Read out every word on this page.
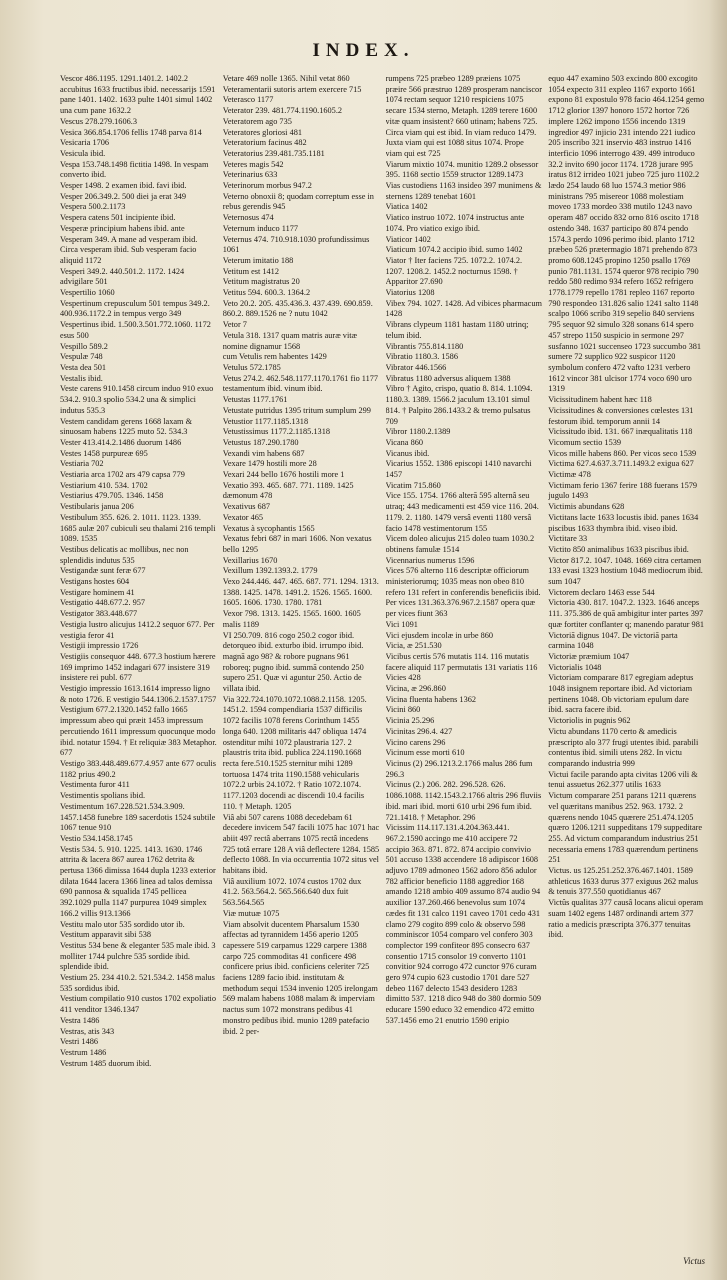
INDEX.
Vescor 486.1195. 1291.1401.2. 1402.2 accubitus 1633 fructibus ibid. necessarijs 1591 pane 1401. 1402. 1633 pulte 1401 simul 1402 una cum pane 1632.2
Vescus 278.279.1606.3
Vesica 366.854.1706 fellis 1748 parva 814
Vesicaria 1706
Vesicula ibid.
Vespa 153.748.1498 fictitia 1498. In vespam converto ibid.
Vesper 1498. 2 examen ibid. favi ibid.
Vesper 206.349.2. 500 diei ja erat 349
Vespera 500.2.1173
Vespera catens 501 incipiente ibid.
Vesperæ principium habens ibid. ante Vesperam 349. A mane ad vesperam ibid. Circa vesperam ibid. Sub vesperam facio aliquid 1172
Vesperi 349.2. 440.501.2. 1172. 1424 advigilare 501
Vespertilio 1060
Vespertinum crepusculum 501 tempus 349.2. 400.936.1172.2 in tempus vergo 349
Vespertinus ibid. 1.500.3.501.772.1060. 1172 esus 500
Vespillo 589.2
Vespulæ 748
Vesta dea 501
Vestalis ibid.
Veste carens 910.1458 circum induo 910 exuo 534.2. 910.3 spolio 534.2 una & simplici indutus 535.3
Vestem candidam gerens 1668 laxam & sinuosam habens 1225 muto 52. 534.3
Vester 413.414.2.1486 duorum 1486
Vestes 1458 purpureæ 695
Vestiaria 702
Vestiaria arca 1702 ars 479 capsa 779
Vestiarium 410. 534. 1702
Vestiarius 479.705. 1346. 1458
Vestibularis janua 206
Vestibulum 355. 626. 2. 1011. 1123. 1339. 1685 aulæ 207 cubiculi seu thalami 216 templi 1089. 1535
Vestibus delicatis ac mollibus, nec non splendidis indutus 535
Vestigandæ sunt feræ 677
Vestigans hostes 604
Vestigare hominem 41
Vestigatio 448.677.2. 957
Vestigator 383.448.677
Vestigia lustro alicujus 1412.2 sequor 677. Per vestigia feror 41
Vestigii impressio 1726
Vestigiis consequor 448. 677.3 hostium hærere 169 imprimo 1452 indagari 677 insistere 319 insistere rei publ. 677
Vestigio impressio 1613.1614 impresso ligno & noto 1726. E vestigio 544.1306.2.1537.1757
Vestigium 677.2.1320.1452 fallo 1665 impressum abeo qui præit 1453 impressum percutiendo 1611 impressum quocunque modo ibid. notatur 1594. † Et reliquiæ 383 Metaphor. 677
Vestigo 383.448.489.677.4.957 ante 677 oculis 1182 prius 490.2
Vestimenta furor 411
Vestimentis spolians ibid.
Vestimentum 167.228.521.534.3.909. 1457.1458 funebre 189 sacerdotis 1524 subtile 1067 tenue 910
Vestio 534.1458.1745
Vestis 534. 5. 910. 1225. 1413. 1630. 1746 attrita & lacera 867 aurea 1762 detrita & pertusa 1366 dimissa 1644 dupla 1233 exterior dilata 1644 lacera 1366 linea ad talos demissa 690 pannosa & squalida 1745 pellicea 392.1029 pulla 1147 purpurea 1049 simplex 166.2 villis 913.1366
Vestitu malo utor 535 sordido utor ib.
Vestitum apparavit sibi 538
Vestitus 534 bene & eleganter 535 male ibid. 3 molliter 1744 pulchre 535 sordide ibid. splendide ibid.
Vestium 25. 234 410.2. 521.534.2. 1458 malus 535 sordidus ibid.
Vestium compilatio 910 custos 1702 expoliatio 411 venditor 1346.1347
Vestra 1486
Vestras, atis 343
Vestri 1486
Vestrum 1486
Vestrum 1485 duorum ibid.
Vetare 469 nolle 1365. Nihil vetat 860
Veteramentarii sutoris artem exercere 715
Veterasco 1177
Veterator 239. 481.774.1190.1605.2
Veteratorem ago 735
Veteratores gloriosi 481
Veteratorium facinus 482
Veteratorius 239.481.735.1181
Veteres magis 542
Veterinarius 633
Veterinorum morbus 947.2
Veterno obnoxii 8; quodam correptum esse in rebus gerendis 945
Veternosus 474
Veternum induco 1177
Veternus 474. 710.918.1030 profundissimus 1061
Veterum imitatio 188
Vetitum est 1412
Vetitum magistratus 20
Vetitus 594. 600.3. 1364.2
Veto 20.2. 205. 435.436.3. 437.439. 690.859. 860.2. 889.1526 ne ? nutu 1042
Vetor 7
Vetula 318. 1317 quam matris auræ vitæ nomine dignamur 1568
cum Vetulis rem habentes 1429
Vetulus 572.1785
Vetus 274.2. 462.548.1177.1170.1761 fio 1177 testamentum ibid. vinum ibid.
Vetustas 1177.1761
Vetustate putridus 1395 tritum sumplum 299
Vetustior 1177.1185.1318
Vetustissimus 1177.2.1185.1318
Vetustus 187.290.1780
Vexandi vim habens 687
Vexare 1479 hostili more 28
Vexari 244 bello 1676 hostili more 1
Vexatio 393. 465. 687. 771. 1189. 1425 dæmonum 478
Vexativus 687
Vexator 465
Vexatus à sycophantis 1565
Vexatus febri 687 in mari 1606. Non vexatus bello 1295
Vexillarius 1670
Vexillum 1392.1393.2. 1779
Vexo 244.446. 447. 465. 687. 771. 1294. 1313. 1388. 1425. 1478. 1491.2. 1526. 1565. 1600. 1605. 1606. 1730. 1780. 1781
Vexor 798. 1313. 1425. 1565. 1600. 1605 malis 1189
VI 250.709. 816 cogo 250.2 cogor ibid. detorqueo ibid. exturbo ibid. irrumpo ibid. magnā ago 98? & robore pugnans 961 roboreq; pugno ibid. summā contendo 250 supero 251. Quæ vi aguntur 250. Actio de villata ibid.
Via 322.724.1070.1072.1088.2.1158. 1205. 1451.2. 1594 compendiaria 1537 difficilis 1072 facilis 1078 ferens Corinthum 1455 longa 640. 1208 militaris 447 obliqua 1474 ostenditur mihi 1072 plaustraria 127. 2 plaustris trita ibid. publica 224.1190.1668 recta fere.510.1525 sternitur mihi 1289 tortuosa 1474 trita 1190.1588 vehicularis 1072.2 urbis 24.1072. † Ratio 1072.1074. 1177.1203 docendi ac discendi 10.4 facilis 110. † Metaph. 1205
Viâ abi 507 carens 1088 decedebam 61 decedere invicem 547 facili 1075 hac 1071 hac abiit 497 rectâ aberrans 1075 rectâ incedens 725 totâ errare 128 A viâ deflectere 1284. 1585 deflecto 1088. In via occurrentia 1072 situs vel habitans ibid.
Viâ auxilium 1072. 1074 custos 1702 dux 41.2. 563.564.2. 565.566.640 dux fuit 563.564.565
Viæ mutuæ 1075
Viam absolvit ducentem Pharsalum 1530 affectas ad tyrannidem 1456 aperio 1205 capessere 519 carpamus 1229 carpere 1388 carpo 725 commoditas 41 conficere 498 conficere prius ibid. conficiens celeriter 725 faciens 1289 facio ibid. institutam & methodum sequi 1534 invenio 1205 irelongam 569 malam habens 1088 malam & imperviam nactus sum 1072 monstrans pedibus 41 monstro pedibus ibid. munio 1289 patefacio ibid. 2 per-
rumpens 725 præbeo 1289 præiens 1075 præire 566 præstruo 1289 prosperam nanciscor 1074 rectam sequor 1210 respiciens 1075 secare 1534 sterno, Metaph. 1289 terere 1600 vitæ quam insistent? 660 utinam; habens 725. Circa viam qui est ibid. In viam reduco 1479. Juxta viam qui est 1088 situs 1074. Prope viam qui est 725
Viarum mixtio 1074. munitio 1289.2 obsessor 395. 1168 sectio 1559 structor 1289.1473
Vias custodiens 1163 insideo 397 munimens & sternens 1289 tenebat 1601
Viatica 1402
Viatico instruo 1072. 1074 instructus ante 1074. Pro viatico exigo ibid.
Viaticor 1402
Viaticum 1074.2 accipio ibid. sumo 1402
Viator † Iter faciens 725. 1072.2. 1074.2. 1207. 1208.2. 1452.2 nocturnus 1598. † Apparitor 27.690
Viatorius 1208
Vibex 794. 1027. 1428. Ad vibices pharmacum 1428
Vibrans clypeum 1181 hastam 1180 utrinq; telum ibid.
Vibrantis 755.814.1180
Vibratio 1180.3. 1586
Vibrator 446.1566
Vibratus 1180 adversus aliquem 1388
Vibro † Agito, crispo, quatio 8. 814. 1.1094. 1180.3. 1389. 1566.2 jaculum 13.101 simul 814. † Palpito 286.1433.2 & tremo pulsatus 709
Vibror 1180.2.1389
Vicana 860
Vicanus ibid.
Vicarius 1552. 1386 episcopi 1410 navarchi 1457
Vicatim 715.860
Vice 155. 1754. 1766 alterā 595 alternâ seu utraq; 443 medicamenti est 459 vice 116. 204. 1179. 2. 1180. 1479 versâ eventi 1180 versâ facio 1478 vestimentorum 155
Vicem doleo alicujus 215 doleo tuam 1030.2 obtinens famulæ 1514
Vicennarius numerus 1596
Vices 576 alterno 116 descriptæ officiorum ministeriorumq; 1035 meas non obeo 810 refero 131 refert in conferendis beneficiis ibid. Per vices 131.363.376.967.2.1587 opera quæ per vices fiunt 363
Vici 1091
Vici ejusdem incolæ in urbe 860
Vicia, æ 251.530
Vicibus certis 576 mutatis 114. 116 mutatis facere aliquid 117 permutatis 131 variatis 116
Vicies 428
Vicina, æ 296.860
Vicina fluenta habens 1362
Vicini 860
Vicinia 25.296
Vicinitas 296.4. 427
Vicino carens 296
Vicinum esse morti 610
Vicinus (2) 296.1213.2.1766 malus 286 fum 296.3
Vicinus (2.) 206. 282. 296.528. 626. 1086.1088. 1142.1543.2.1766 altris 296 fluviis ibid. mari ibid. morti 610 urbi 296 fum ibid. 721.1418. † Metaphor. 296
Vicissim 114.117.131.4.204.363.441. 967.2.1590 accingo me 410 accipere 72 accipio 363. 871. 872. 874 accipio convivio 501 accuso 1338 accendere 18 adipiscor 1608 adjuvo 1789 admoneo 1562 adoro 856 adulor 782 afficior beneficio 1188 aggredior 168 amando 1218 ambio 409 assumo 874 audio 94 auxilior 137.260.466 benevolus sum 1074 cædes fit 131 calco 1191 caveo 1701 cedo 431 clamo 279 cogito 899 colo & observo 598 comminiscor 1054 comparo vel confero 303 complector 199 confiteor 895 consecro 637 consentio 1715 consolor 19 converto 1101 convitior 924 corrogo 472 cunctor 976 curam gero 974 cupio 623 custodio 1701 dare 527 debeo 1167 delecto 1543 desidero 1283 dimitto 537. 1218 dico 948 do 380 dormio 509 educare 1590 educo 32 emendico 472 emitto 537.1456 emo 21 enutrio 1590 eripio
equo 447 examino 503 excindo 800 excogito 1054 expecto 311 expleo 1167 exporto 1661 expono 81 expostulo 978 facio 464.1254 gemo 1712 glorior 1397 honoro 1572 hortor 726 implere 1262 impono 1556 incendo 1319 ingredior 497 injicio 231 intendo 221 iudico 205 inscribo 321 inservio 483 instruo 1416 interficio 1096 interrogo 439. 499 introduco 32.2 invito 690 jocor 1174. 1728 jurare 995 iratus 812 irrideo 1021 jubeo 725 juro 1102.2 lædo 254 laudo 68 luo 1574.3 metior 986 ministrans 795 misereor 1088 molestiam moveo 1733 mordeo 338 mutilo 1243 navo operam 487 occido 832 orno 816 oscito 1718 ostendo 348. 1637 participo 80 874 pendo 1574.3 perdo 1096 perimo ibid. planto 1712 præbeo 526 prætermagio 1871 prehendo 873 promo 608.1245 propino 1250 psallo 1769 punio 781.1131. 1574 queror 978 recipio 790 reddo 580 redimo 934 refero 1652 refrigero 1778.1779 repello 1781 repleo 1167 reporto 790 respondeo 131.826 salio 1241 salto 1148 scalpo 1066 scribo 319 sepelio 840 serviens 795 sequor 92 simulo 328 sonans 614 spero 457 strepo 1150 suspicio in sermone 297 susfanno 1021 succenseo 1723 succumbo 381 sumere 72 supplico 922 suspicor 1120 symbolum confero 472 vafto 1231 verbero 1612 vincor 381 ulcisor 1774 voco 690 uro 1319
Vicissitudinem habent hæc 118
Vicissitudines & conversiones cœlestes 131 festorum ibid. temporum annii 14
Vicissitudo ibid. 131. 667 inæqualitatis 118
Vicomum sectio 1539
Vicos mille habens 860. Per vicos seco 1539
Victima 627.4.637.3.711.1493.2 exigua 627
Victimæ 478
Victimam ferio 1367 ferire 188 fuerans 1579 jugulo 1493
Victimis abundans 628
Victitans lacte 1633 locustis ibid. panes 1634 piscibus 1633 thymbra ibid. viseo ibid.
Victitare 33
Victito 850 animalibus 1633 piscibus ibid.
Victor 817.2. 1047. 1048. 1669 citra certamen 133 evasi 1323 hostium 1048 mediocrum ibid. sum 1047
Victorem declaro 1463 esse 544
Victoria 430. 817. 1047.2. 1323. 1646 anceps 111. 375.386 de quā ambigitur inter partes 397 quæ fortiter conflanter q; manendo paratur 981
Victoriā dignus 1047. De victoriā parta carmina 1048
Victoriæ præmium 1047
Victorialis 1048
Victoriam comparare 817 egregiam adeptus 1048 insignem reportare ibid. Ad victoriam pertinens 1048. Ob victoriam epulum dare ibid. sacra facere ibid.
Victoriolis in pugnis 962
Victu abundans 1170 certo & amedicis præscripto alo 377 frugi utentes ibid. parabili contentus ibid. simili utens 282. In victu comparando industria 999
Victui facile parando apta civitas 1206 vili & tenui assuetus 262.377 utilis 1633
Victum comparare 251 parans 1211 quærens vel quæritans manibus 252. 963. 1732. 2 quærens nendo 1045 quærere 251.474.1205 quæro 1206.1211 suppeditans 179 suppeditare 255. Ad victum comparandum industrius 251 necessaria emens 1783 quærendum pertinens 251
Victus. us 125.251.252.376.467.1401. 1589 athleticus 1633 durus 377 exiguus 262 malus & tenuis 377.550 quotidianus 467
Victûs qualitas 377 causâ locans alicui operam suam 1402 egens 1487 ordinandi artem 377 ratio a medicis præscripta 376.377 tenuitas ibid.
Victus
